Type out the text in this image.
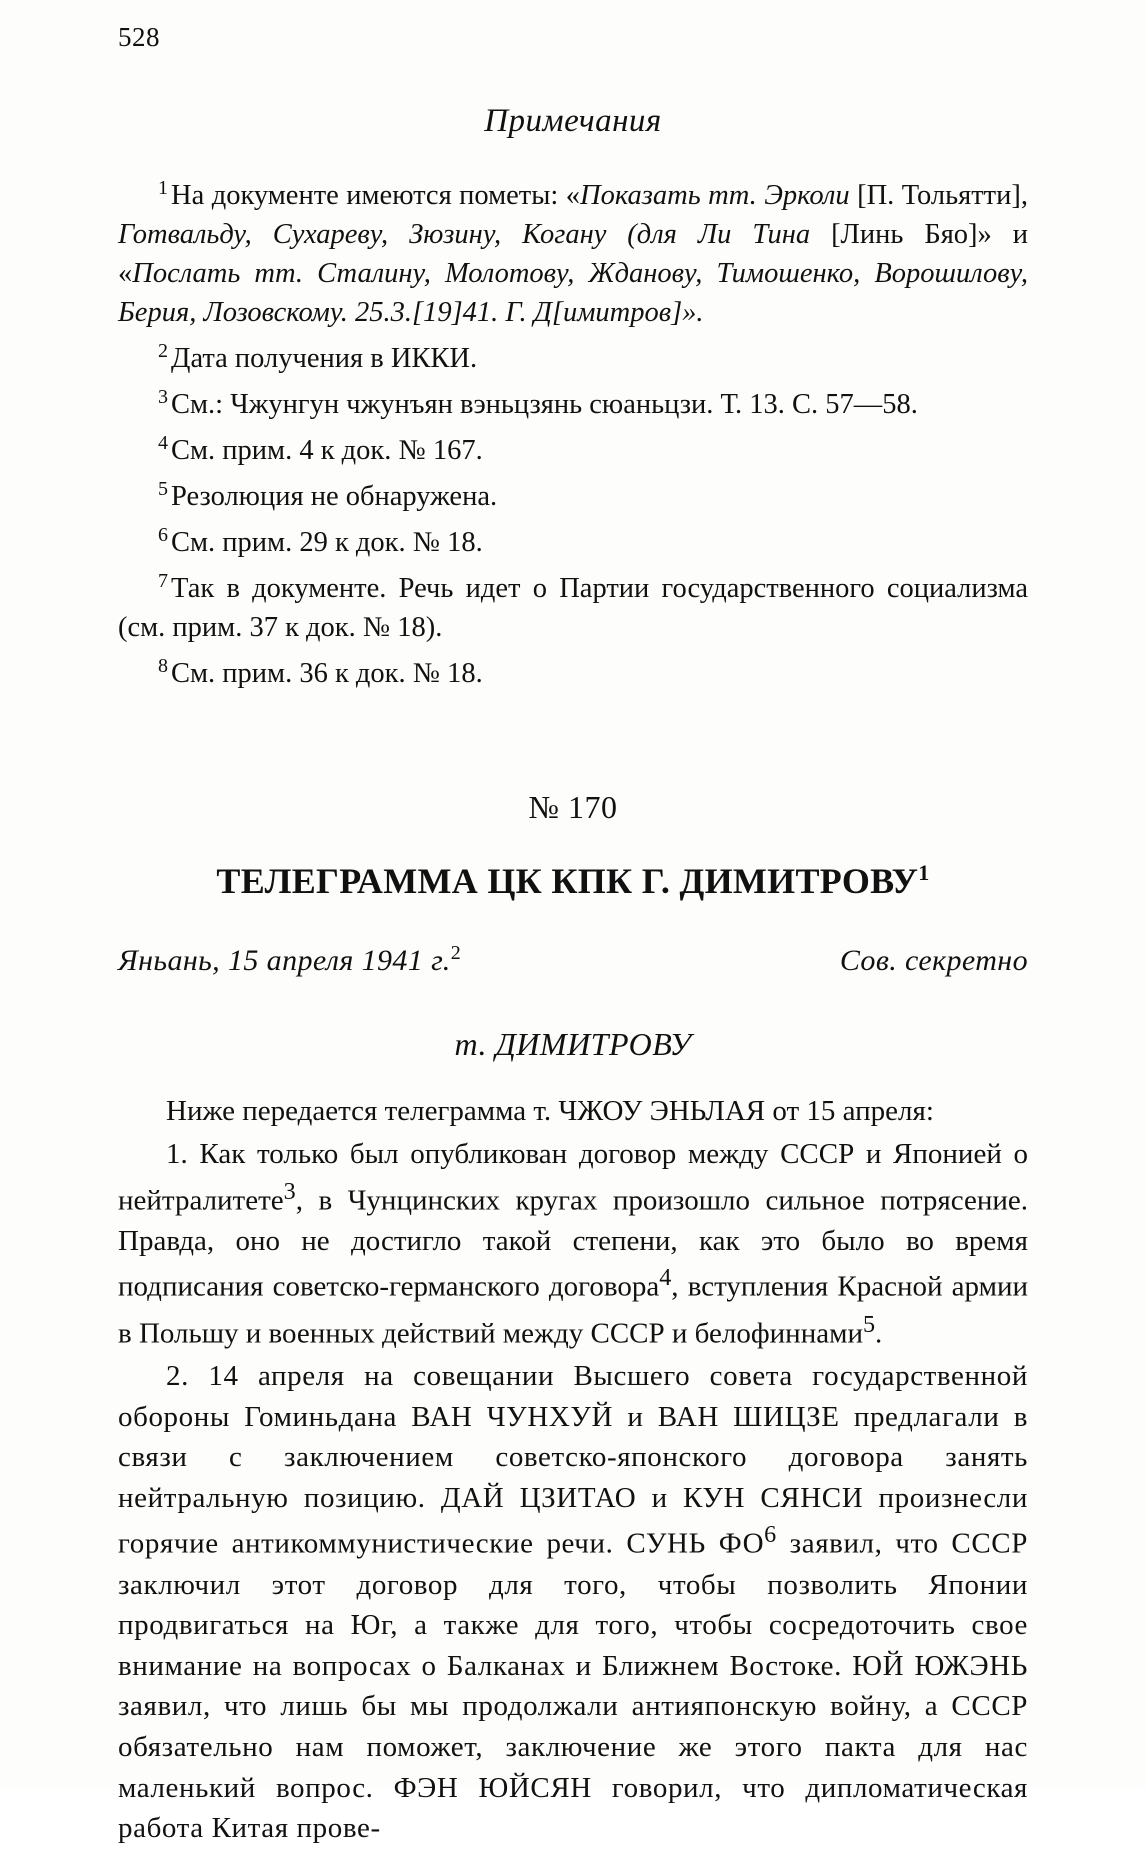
528
Примечания

$^1$ На документе имеются пометы: «Показать тт. Эрколи [П. Тольятти], Готвальду, Сухареву, Зюзину, Когану (для Ли Тина [Линь Бяо]» и «Послать тт. Сталину, Молотову, Жданову, Тимошенко, Ворошилову, Берия, Лозовскому. 25.3.[19]41. Г. Д[имитров]».

$^2$ Дата получения в ИККИ.

$^3$ См.: Чжунгун чжунъян вэньцзянь сюаньцзи. Т. 13. С. 57—58.

$^4$ См. прим. 4 к док. № 167.

$^5$ Резолюция не обнаружена.

$^6$ См. прим. 29 к док. № 18.

$^7$ Так в документе. Речь идет о Партии государственного социализма (см. прим. 37 к док. № 18).

$^8$ См. прим. 36 к док. № 18.

№ 170
ТЕЛЕГРАММА ЦК КПК Г. ДИМИТРОВУ$^1$
Яньань, 15 апреля 1941 г.$^2$	Сов. секретно
т. ДИМИТРОВУ

Ниже передается телеграмма т. ЧЖОУ ЭНЬЛАЯ от 15 апреля:

1. Как только был опубликован договор между СССР и Японией о нейтралитете$^3$, в Чунцинских кругах произошло сильное потрясение. Правда, оно не достигло такой степени, как это было во время подписания советско-германского договора$^4$, вступления Красной армии в Польшу и военных действий между СССР и белофиннами$^5$.

2. 14 апреля на совещании Высшего совета государственной обороны Гоминьдана ВАН ЧУНХУЙ и ВАН ШИЦЗЕ предлагали в связи с заключением советско-японского договора занять нейтральную позицию. ДАЙ ЦЗИТАО и КУН СЯНСИ произнесли горячие антикоммунистические речи. СУНЬ $ФО^6$ заявил, что СССР заключил этот договор для того, чтобы позволить Японии продвигаться на Юг, а также для того, чтобы сосредоточить свое внимание на вопросах о Балканах и Ближнем Востоке. ЮЙ ЮЖЭНЬ заявил, что лишь бы мы продолжали антияпонскую войну, а СССР обязательно нам поможет, заключение же этого пакта для нас маленький вопрос. ФЭН ЮЙСЯН говорил, что дипломатическая работа Китая прове-
